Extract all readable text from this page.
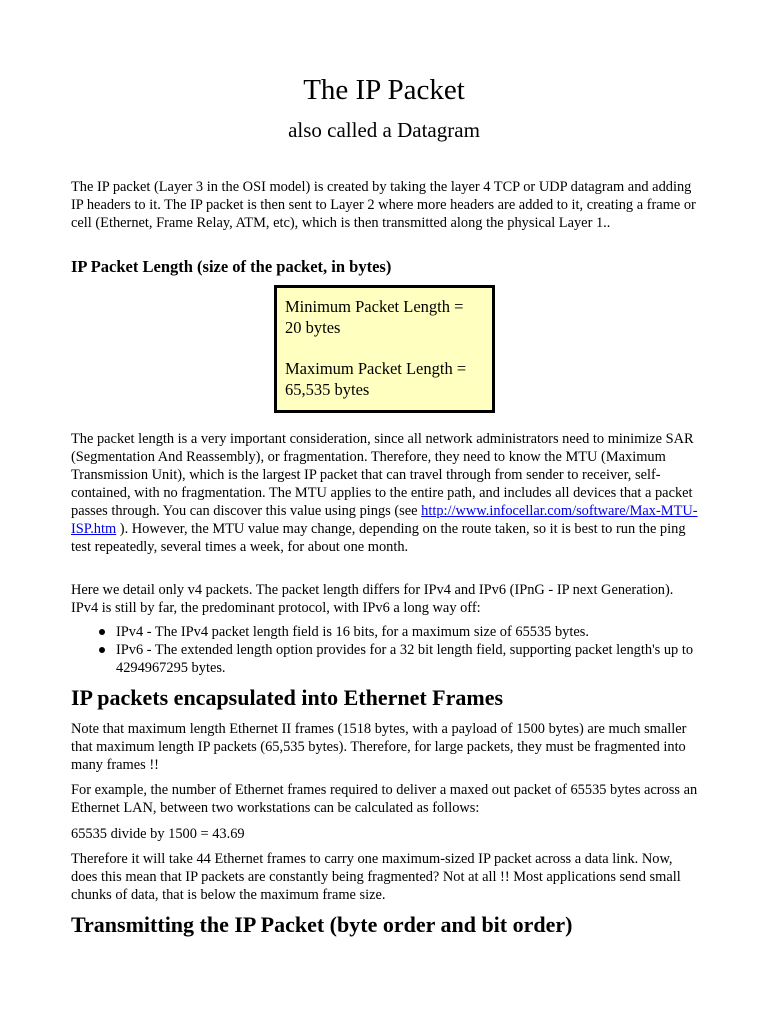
The IP Packet
also called a Datagram

The IP packet (Layer 3 in the OSI model) is created by taking the layer 4 TCP or UDP datagram and adding IP headers to it. The IP packet is then sent to Layer 2 where more headers are added to it, creating a frame or cell (Ethernet, Frame Relay, ATM, etc), which is then transmitted along the physical Layer 1..

IP Packet Length (size of the packet, in bytes)
Minimum Packet Length =
20 bytes
Maximum Packet Length =
65,535 bytes

The packet length is a very important consideration, since all network administrators need to minimize SAR (Segmentation And Reassembly), or fragmentation. Therefore, they need to know the MTU (Maximum Transmission Unit), which is the largest IP packet that can travel through from sender to receiver, self-contained, with no fragmentation. The MTU applies to the entire path, and includes all devices that a packet passes through. You can discover this value using pings (see http://www.infocellar.com/software/Max-MTU-ISP.htm ). However, the MTU value may change, depending on the route taken, so it is best to run the ping test repeatedly, several times a week, for about one month.

Here we detail only v4 packets. The packet length differs for IPv4 and IPv6 (IPnG - IP next Generation). IPv4 is still by far, the predominant protocol, with IPv6 a long way off:

IPv4 - The IPv4 packet length field is 16 bits, for a maximum size of 65535 bytes.
IPv6 - The extended length option provides for a 32 bit length field, supporting packet length's up to 4294967295 bytes.
IP packets encapsulated into Ethernet Frames

Note that maximum length Ethernet II frames (1518 bytes, with a payload of 1500 bytes) are much smaller that maximum length IP packets (65,535 bytes). Therefore, for large packets, they must be fragmented into many frames !!

For example, the number of Ethernet frames required to deliver a maxed out packet of 65535 bytes across an Ethernet LAN, between two workstations can be calculated as follows:

65535 divide by 1500 = 43.69

Therefore it will take 44 Ethernet frames to carry one maximum-sized IP packet across a data link. Now, does this mean that IP packets are constantly being fragmented? Not at all !! Most applications send small chunks of data, that is below the maximum frame size.

Transmitting the IP Packet (byte order and bit order)
